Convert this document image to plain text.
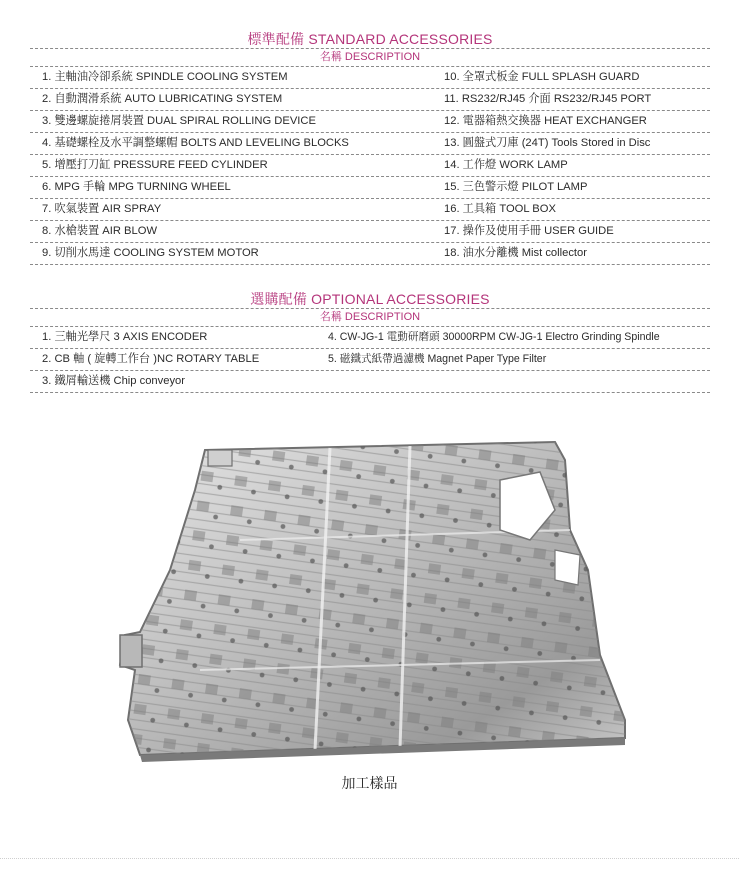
標準配備 STANDARD ACCESSORIES
名稱 DESCRIPTION
1. 主軸油冷卻系統 SPINDLE COOLING SYSTEM	10. 全罩式板金 FULL SPLASH GUARD
2. 自動潤滑系統 AUTO LUBRICATING SYSTEM	11. RS232/RJ45 介面 RS232/RJ45 PORT
3. 雙邊螺旋捲屑裝置 DUAL SPIRAL ROLLING DEVICE	12. 電器箱熱交換器 HEAT EXCHANGER
4. 基礎螺栓及水平調整螺帽 BOLTS AND LEVELING BLOCKS	13. 圓盤式刀庫 (24T) Tools Stored in Disc
5. 增壓打刀缸 PRESSURE FEED CYLINDER	14. 工作燈 WORK LAMP
6. MPG 手輪 MPG TURNING WHEEL	15. 三色警示燈 PILOT LAMP
7. 吹氣裝置 AIR SPRAY	16. 工具箱 TOOL BOX
8. 水槍裝置 AIR BLOW	17. 操作及使用手冊 USER GUIDE
9. 切削水馬達 COOLING SYSTEM MOTOR	18. 油水分離機 Mist collector
選購配備 OPTIONAL ACCESSORIES
名稱 DESCRIPTION
1. 三軸光學尺 3 AXIS ENCODER	4. CW-JG-1 電動研磨頭 30000RPM CW-JG-1 Electro Grinding Spindle
2. CB 軸 ( 旋轉工作台 )NC ROTARY TABLE	5. 磁鐵式紙帶過濾機 Magnet Paper Type Filter
3. 鐵屑輸送機 Chip conveyor
加工樣品
